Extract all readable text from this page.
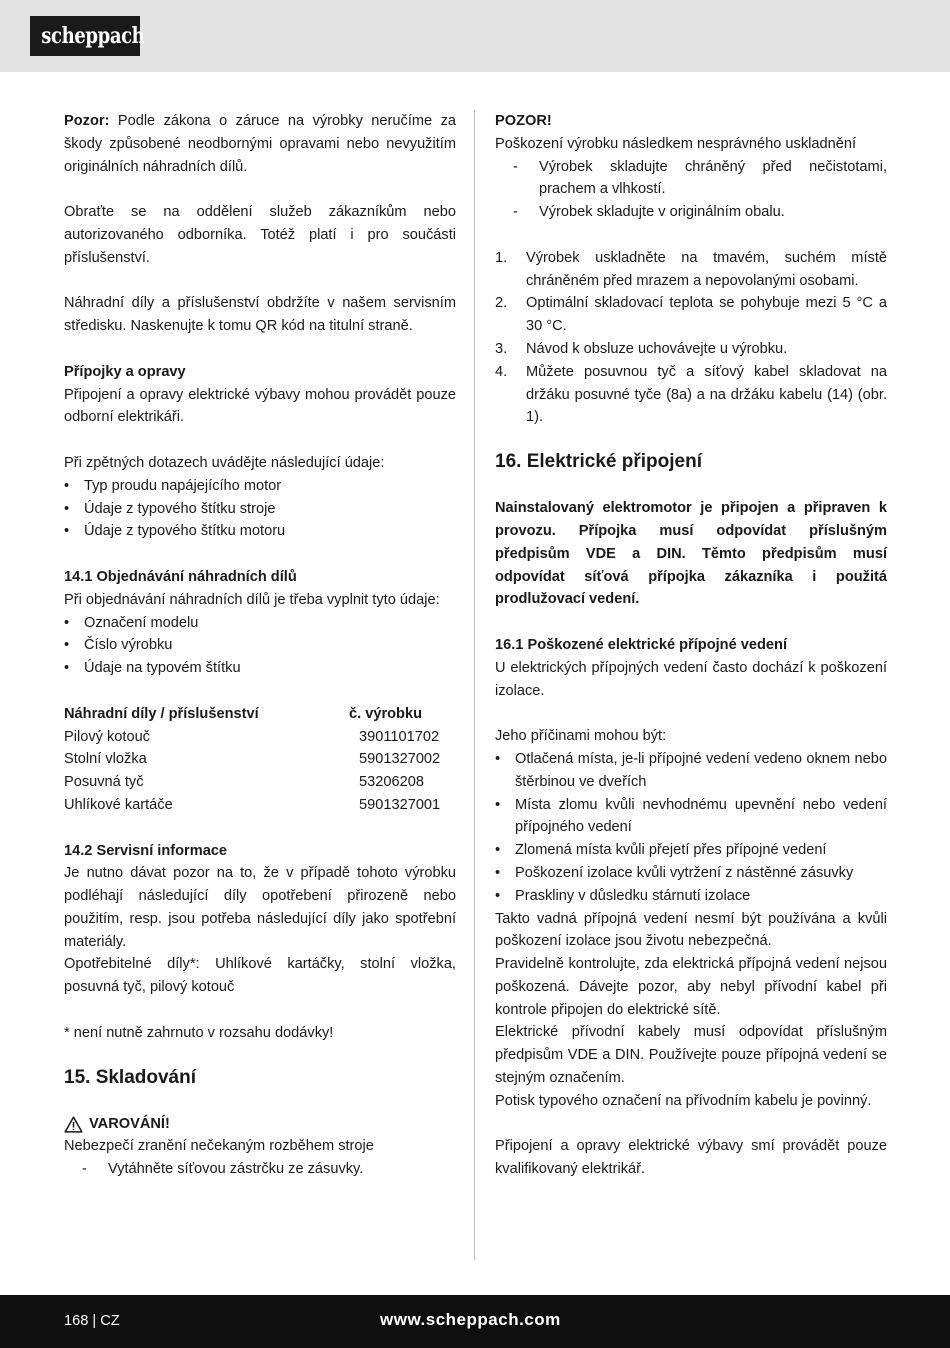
scheppach

Pozor: Podle zákona o záruce na výrobky neručíme za škody způsobené neodbornými opravami nebo nevyužitím originálních náhradních dílů.

Obraťte se na oddělení služeb zákazníkům nebo autorizovaného odborníka. Totéž platí i pro součásti příslušenství.

Náhradní díly a příslušenství obdržíte v našem servisním středisku. Naskenujte k tomu QR kód na titulní straně.

Přípojky a opravy

Připojení a opravy elektrické výbavy mohou provádět pouze odborní elektrikáři.

Při zpětných dotazech uvádějte následující údaje:

• Typ proudu napájejícího motor
• Údaje z typového štítku stroje
• Údaje z typového štítku motoru

14.1 Objednávání náhradních dílů

Při objednávání náhradních dílů je třeba vyplnit tyto údaje:

• Označení modelu
• Číslo výrobku
• Údaje na typovém štítku
Náhradní díly / příslušenství	č. výrobku
Pilový kotouč	3901101702
Stolní vložka	5901327002
Posuvná tyč	53206208
Uhlíkové kartáče	5901327001

14.2 Servisní informace

Je nutno dávat pozor na to, že v případě tohoto výrobku podléhají následující díly opotřebení přirozeně nebo použitím, resp. jsou potřeba následující díly jako spotřební materiály.

Opotřebitelné díly*: Uhlíkové kartáčky, stolní vložka, posuvná tyč, pilový kotouč

* není nutně zahrnuto v rozsahu dodávky!

15. Skladování

VAROVÁNÍ!

Nebezpečí zranění nečekaným rozběhem stroje

- Vytáhněte síťovou zástrčku ze zásuvky.

POZOR!

Poškození výrobku následkem nesprávného uskladnění

- Výrobek skladujte chráněný před nečistotami, prachem a vlhkostí.
- Výrobek skladujte v originálním obalu.
1. Výrobek uskladněte na tmavém, suchém místě chráněném před mrazem a nepovolanými osobami.
2. Optimální skladovací teplota se pohybuje mezi 5 °C a 30 °C.
3. Návod k obsluze uchovávejte u výrobku.
4. Můžete posuvnou tyč a síťový kabel skladovat na držáku posuvné tyče (8a) a na držáku kabelu (14) (obr. 1).

16. Elektrické připojení

Nainstalovaný elektromotor je připojen a připraven k provozu. Přípojka musí odpovídat příslušným předpisům VDE a DIN. Těmto předpisům musí odpovídat síťová přípojka zákazníka i použitá prodlužovací vedení.

16.1 Poškozené elektrické přípojné vedení

U elektrických přípojných vedení často dochází k poškození izolace.

Jeho příčinami mohou být:

• Otlačená místa, je-li přípojné vedení vedeno oknem nebo štěrbinou ve dveřích
• Místa zlomu kvůli nevhodnému upevnění nebo vedení přípojného vedení
• Zlomená místa kvůli přejetí přes přípojné vedení
• Poškození izolace kvůli vytržení z nástěnné zásuvky
• Praskliny v důsledku stárnutí izolace

Takto vadná přípojná vedení nesmí být používána a kvůli poškození izolace jsou životu nebezpečná.

Pravidelně kontrolujte, zda elektrická přípojná vedení nejsou poškozená. Dávejte pozor, aby nebyl přívodní kabel při kontrole připojen do elektrické sítě.

Elektrické přívodní kabely musí odpovídat příslušným předpisům VDE a DIN. Používejte pouze přípojná vedení se stejným označením.

Potisk typového označení na přívodním kabelu je povinný.

Připojení a opravy elektrické výbavy smí provádět pouze kvalifikovaný elektrikář.

168 | CZ	www.scheppach.com
